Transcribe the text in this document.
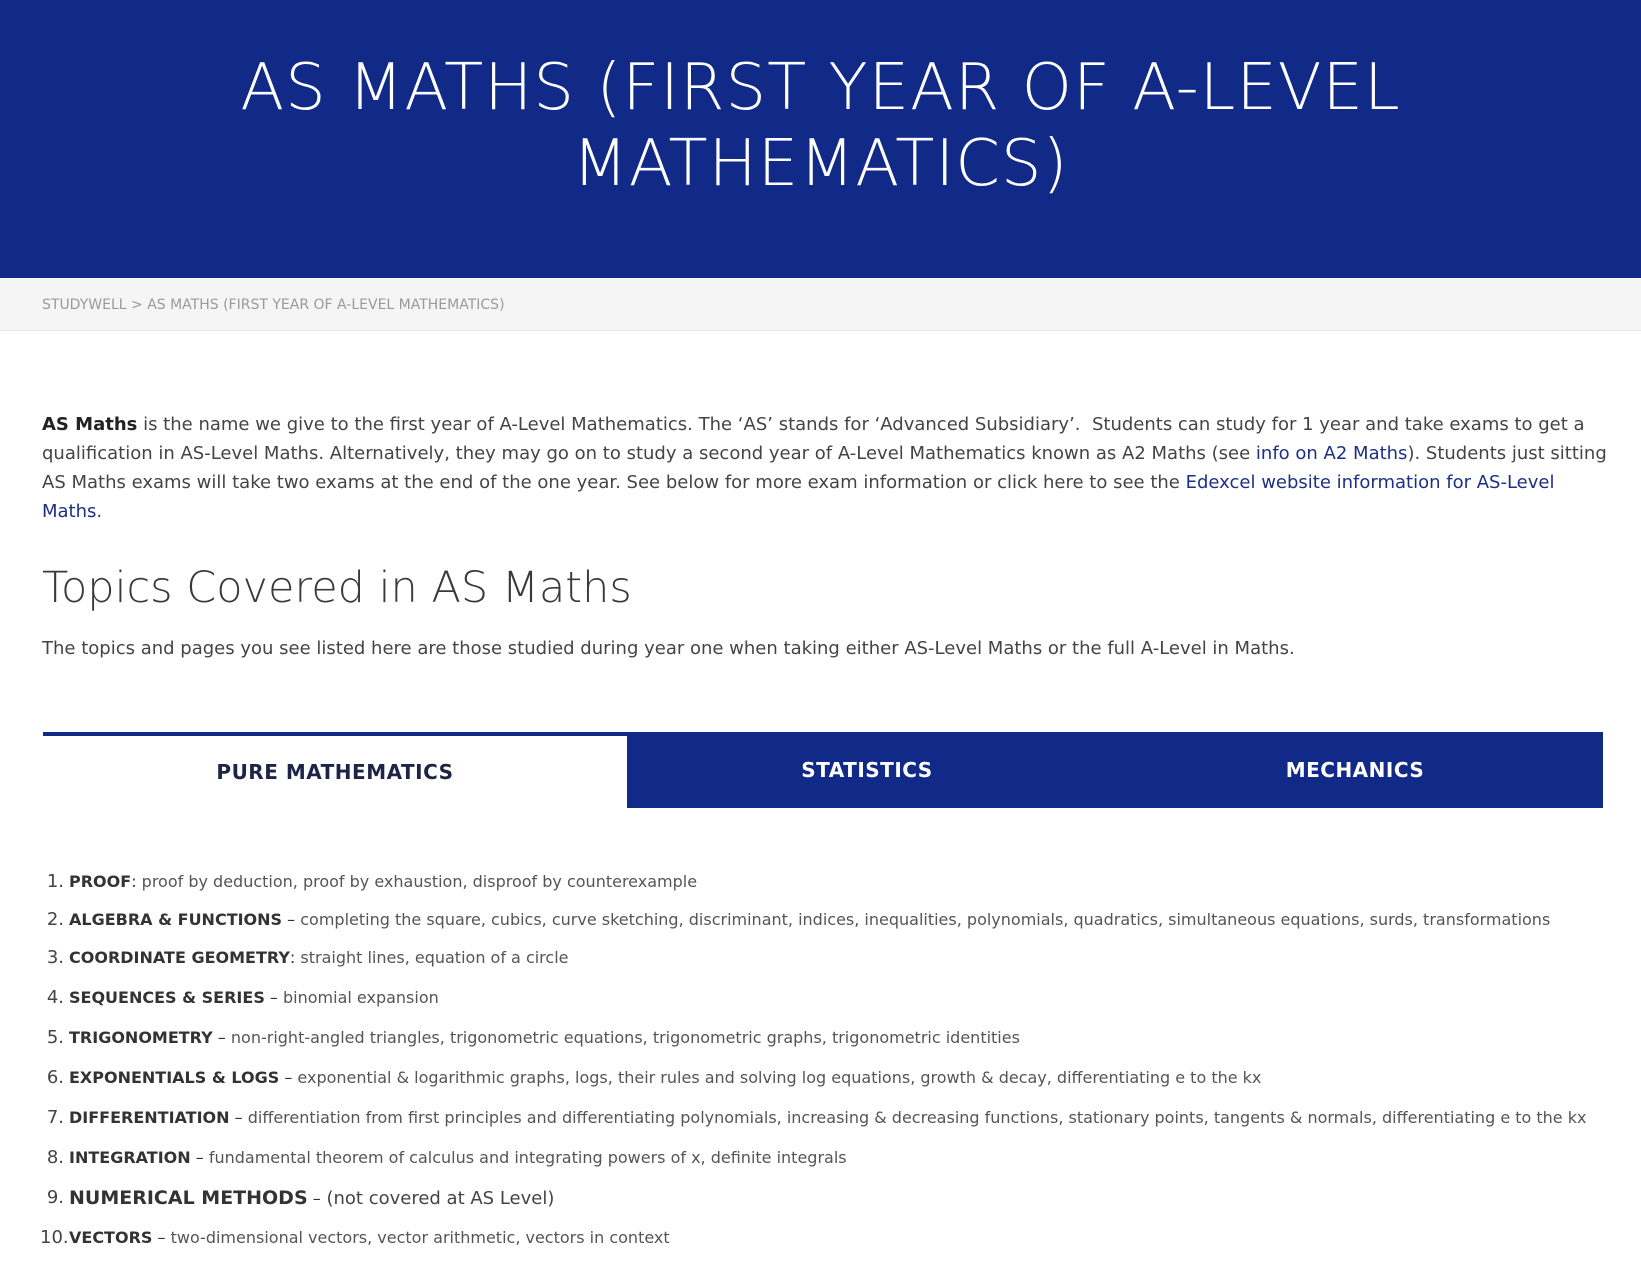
AS MATHS (FIRST YEAR OF A-LEVEL MATHEMATICS)
STUDYWELL > AS MATHS (FIRST YEAR OF A-LEVEL MATHEMATICS)

AS Maths is the name we give to the first year of A-Level Mathematics. The ‘AS’ stands for ‘Advanced Subsidiary’.  Students can study for 1 year and take exams to get a qualification in AS-Level Maths. Alternatively, they may go on to study a second year of A-Level Mathematics known as A2 Maths (see info on A2 Maths). Students just sitting AS Maths exams will take two exams at the end of the one year. See below for more exam information or click here to see the Edexcel website information for AS-Level Maths.

Topics Covered in AS Maths

The topics and pages you see listed here are those studied during year one when taking either AS-Level Maths or the full A-Level in Maths.

PURE MATHEMATICS	STATISTICS	MECHANICS
1. PROOF: proof by deduction, proof by exhaustion, disproof by counterexample
2. ALGEBRA & FUNCTIONS – completing the square, cubics, curve sketching, discriminant, indices, inequalities, polynomials, quadratics, simultaneous equations, surds, transformations
3. COORDINATE GEOMETRY: straight lines, equation of a circle
4. SEQUENCES & SERIES – binomial expansion
5. TRIGONOMETRY – non-right-angled triangles, trigonometric equations, trigonometric graphs, trigonometric identities
6. EXPONENTIALS & LOGS – exponential & logarithmic graphs, logs, their rules and solving log equations, growth & decay, differentiating e to the kx
7. DIFFERENTIATION – differentiation from first principles and differentiating polynomials, increasing & decreasing functions, stationary points, tangents & normals, differentiating e to the kx
8. INTEGRATION – fundamental theorem of calculus and integrating powers of x, definite integrals
9. NUMERICAL METHODS – (not covered at AS Level)
10. VECTORS – two-dimensional vectors, vector arithmetic, vectors in context
